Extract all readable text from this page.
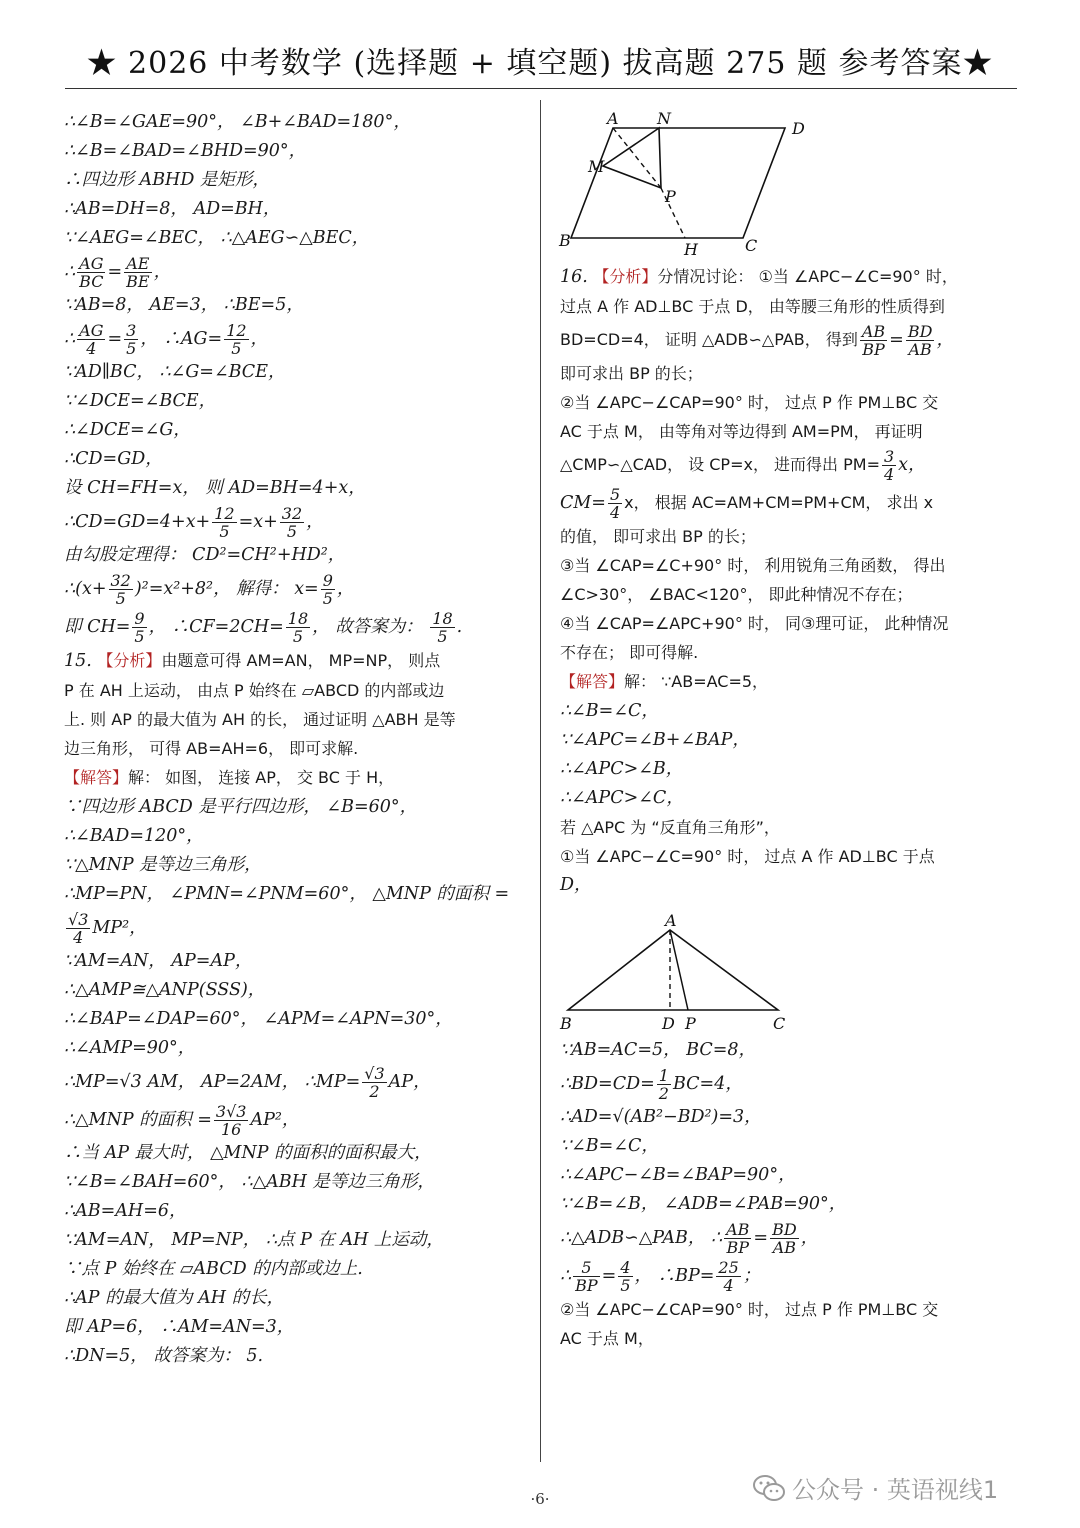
★ 2026 中考数学 (选择题 + 填空题) 拔高题 275 题 参考答案★
∴∠B=∠GAE=90°， ∠B+∠BAD=180°，
∴∠B=∠BAD=∠BHD=90°，
∴四边形 ABHD 是矩形，
∴AB=DH=8， AD=BH，
∵∠AEG=∠BEC， ∴△AEG∽△BEC，
∴ $\frac{AG}{BC} = \frac{AE}{BE}$ ，
∵AB=8， AE=3， ∴BE=5，
∴ $\frac{AG}{4} = \frac{3}{5}$ ， ∴AG= $\frac{12}{5}$ ，
∵AD∥BC， ∴∠G=∠BCE，
∵∠DCE=∠BCE，
∴∠DCE=∠G，
∴CD=GD，
设 CH=FH=x， 则 AD=BH=4+x，
∴CD=GD=4+x+ $\frac{12}{5} =x+ \frac{32}{5}$ ，
由勾股定理得： CD²=CH²+HD²，
∴(x+ $\frac{32}{5} )^2=x^2+8^2$， 解得： $x= \frac{9}{5}$ ，
即 $CH= \frac{9}{5}$ ， ∴CF=2CH= $\frac{18}{5}$ ， 故答案为： $\frac{18}{5}$ .
15. 【分析】由题意可得 AM=AN， MP=NP， 则点
P 在 AH 上运动， 由点 P 始终在 ▱ABCD 的内部或边
上. 则 AP 的最大值为 AH 的长， 通过证明 △ABH 是等
边三角形， 可得 AB=AH=6， 即可求解.
【解答】解： 如图， 连接 AP， 交 BC 于 H，
∵四边形 ABCD 是平行四边形， ∠B=60°，
∴∠BAD=120°，
∵△MNP 是等边三角形，
∴MP=PN， ∠PMN=∠PNM=60°， △MNP 的面积 =
$\frac{√3}{4} MP^2$，
∵AM=AN， AP=AP，
∴△AMP≅△ANP(SSS)，
∴∠BAP=∠DAP=60°， ∠APM=∠APN=30°，
∴∠AMP=90°，
∴MP=√3 AM， AP=2AM， ∴MP= $\frac{√3}{2}$ AP，
∴△MNP 的面积 = $\frac{3√3}{16} AP^2$，
∴当 AP 最大时， △MNP 的面积的面积最大，
∵∠B=∠BAH=60°， ∴△ABH 是等边三角形，
∴AB=AH=6，
∵AM=AN， MP=NP， ∴点 P 在 AH 上运动，
∵点 P 始终在 ▱ABCD 的内部或边上.
∴AP 的最大值为 AH 的长，
即 AP=6， ∴AM=AN=3，
∴DN=5， 故答案为： 5.
A N
D
M
P
B	H	C
16. 【分析】分情况讨论： ①当 ∠APC−∠C=90° 时，
过点 A 作 AD⊥BC 于点 D， 由等腰三角形的性质得到
BD=CD=4， 证明 △ADB∽△PAB， 得到 $\frac{AB}{BP} = \frac{BD}{AB}$ ，
即可求出 BP 的长；
②当 ∠APC−∠CAP=90° 时， 过点 P 作 PM⊥BC 交
AC 于点 M， 由等角对等边得到 AM=PM， 再证明
△CMP∽△CAD， 设 CP=x， 进而得出 $PM= \frac{3}{4}$ x，
$CM= \frac{5}{4}$ x， 根据 AC=AM+CM=PM+CM， 求出 x
的值， 即可求出 BP 的长；
③当 ∠CAP=∠C+90° 时， 利用锐角三角函数， 得出
∠C>30°， ∠BAC<120°， 即此种情况不存在；
④当 ∠CAP=∠APC+90° 时， 同③理可证， 此种情况
不存在； 即可得解.
【解答】解： ∵AB=AC=5，
∴∠B=∠C，
∵∠APC=∠B+∠BAP，
∴∠APC>∠B，
∴∠APC>∠C，
若 △APC 为 “反直角三角形”，
①当 ∠APC−∠C=90° 时， 过点 A 作 AD⊥BC 于点
D，
A
B	D P	C
∵AB=AC=5， BC=8，
∴BD=CD= $\frac{1}{2} BC=4$，
∴AD=√(AB²−BD²)=3，
∵∠B=∠C，
∴∠APC−∠B=∠BAP=90°，
∵∠B=∠B， ∠ADB=∠PAB=90°，
∴△ADB∽△PAB， ∴ $\frac{AB}{BP} = \frac{BD}{AB}$ ，
∴ $\frac{5}{BP} = \frac{4}{5}$ ， ∴BP= $\frac{25}{4}$ ；
②当 ∠APC−∠CAP=90° 时， 过点 P 作 PM⊥BC 交
AC 于点 M，
·6·	公众号 · 英语视线1
